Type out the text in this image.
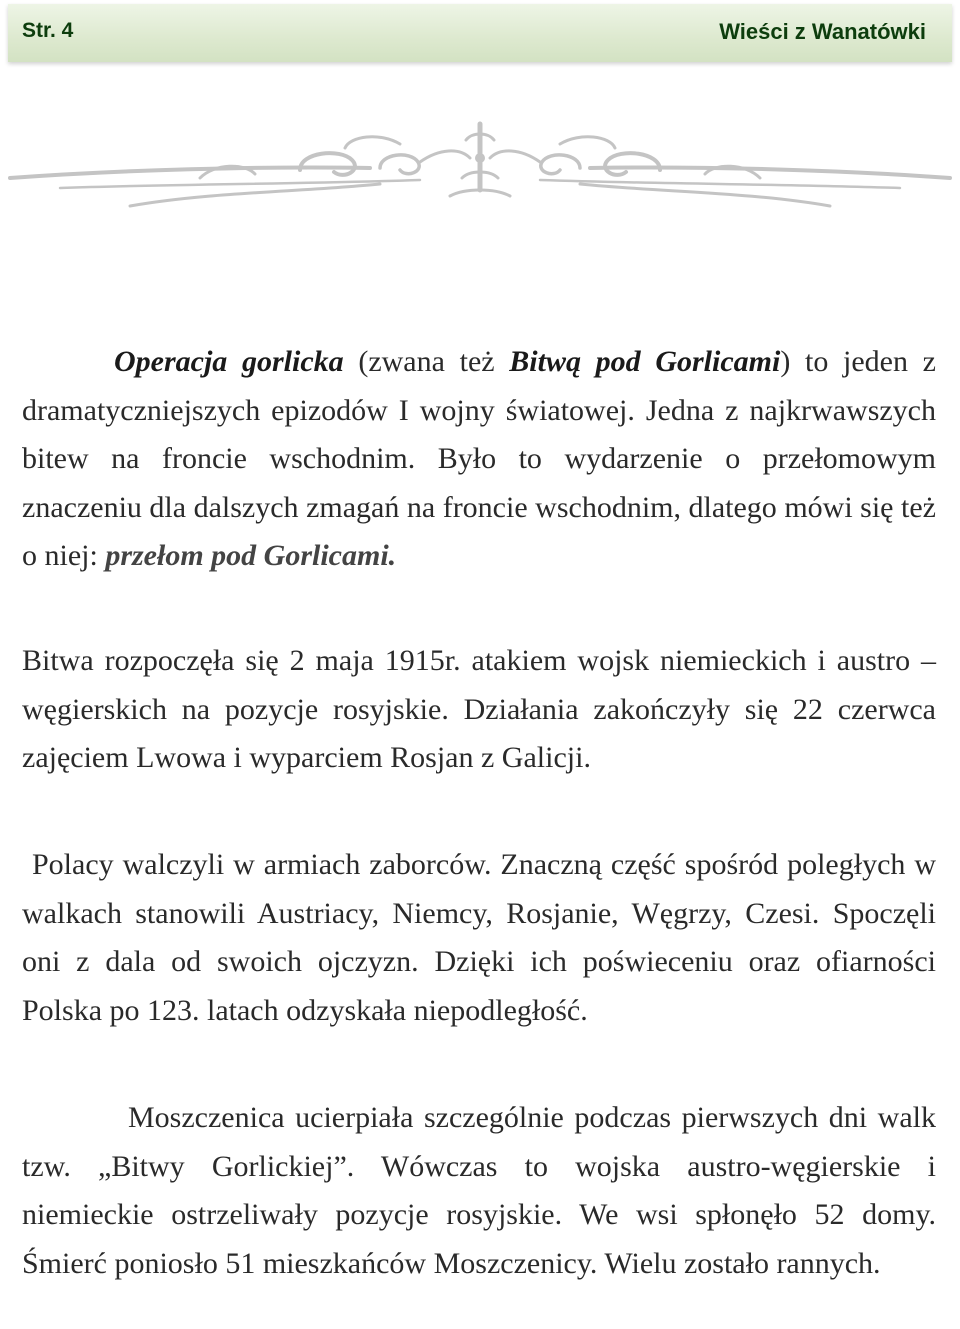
Str. 4	Wieści z Wanatówki

Operacja gorlicka (zwana też Bitwą pod Gorlicami) to jeden z dramatyczniejszych epizodów I wojny światowej. Jedna z najkrwawszych bitew na froncie wschodnim. Było to wydarzenie o przełomowym znaczeniu dla dalszych zmagań na froncie wschodnim, dlatego mówi się też o niej: przełom pod Gorlicami.

Bitwa rozpoczęła się 2 maja 1915r. atakiem wojsk niemieckich i austro – węgierskich na pozycje rosyjskie. Działania zakończyły się 22 czerwca zajęciem Lwowa i wyparciem Rosjan z Galicji.

Polacy walczyli w armiach zaborców. Znaczną część spośród poległych w walkach stanowili Austriacy, Niemcy, Rosjanie, Węgrzy, Czesi. Spoczęli oni z dala od swoich ojczyzn. Dzięki ich poświeceniu oraz ofiarności Polska po 123. latach odzyskała niepodległość.

Moszczenica ucierpiała szczególnie podczas pierwszych dni walk tzw. „Bitwy Gorlickiej”. Wówczas to wojska austro-węgierskie i niemieckie ostrzeliwały pozycje rosyjskie. We wsi spłonęło 52 domy. Śmierć poniosło 51 mieszkańców Moszczenicy. Wielu zostało rannych.
